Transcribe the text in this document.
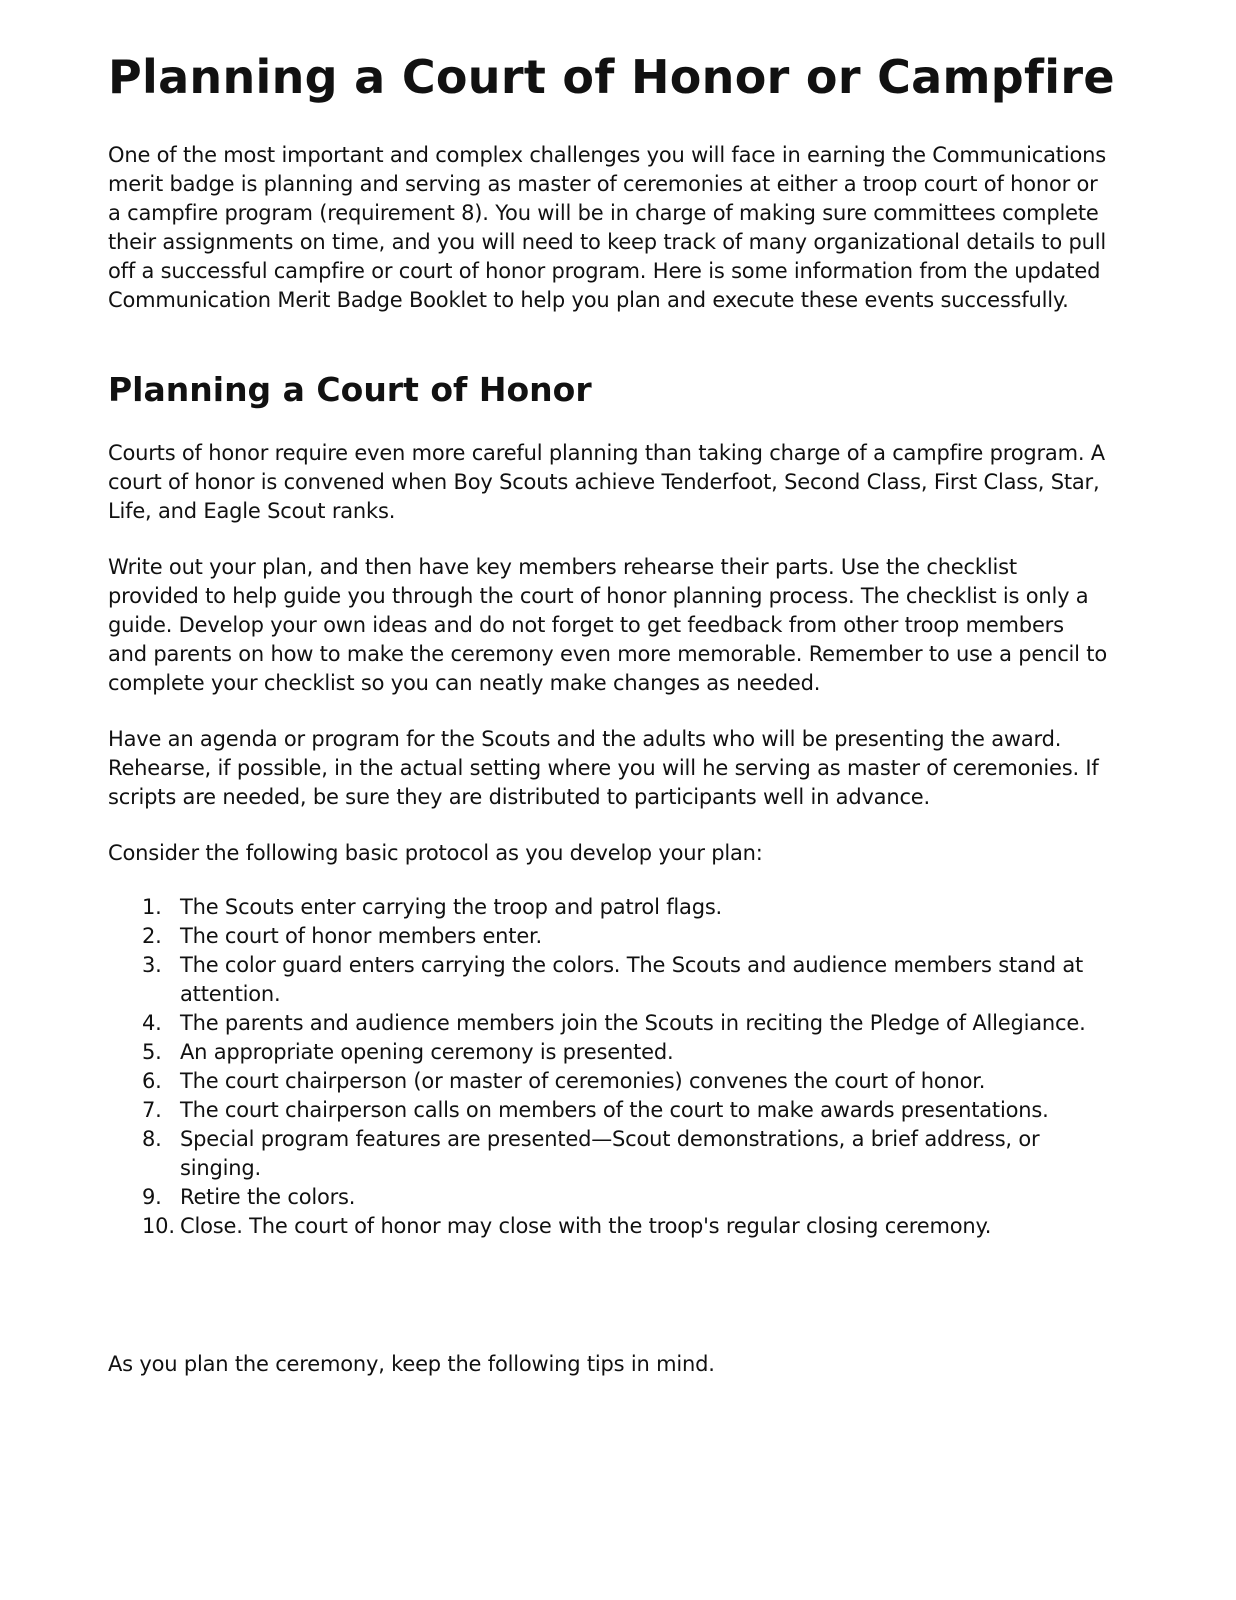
Planning a Court of Honor or Campfire

One of the most important and complex challenges you will face in earning the Communications merit badge is planning and serving as master of ceremonies at either a troop court of honor or a campfire program (requirement 8). You will be in charge of making sure committees complete their assignments on time, and you will need to keep track of many organizational details to pull off a successful campfire or court of honor program. Here is some information from the updated Communication Merit Badge Booklet to help you plan and execute these events successfully.

Planning a Court of Honor

Courts of honor require even more careful planning than taking charge of a campfire program. A court of honor is convened when Boy Scouts achieve Tenderfoot, Second Class, First Class, Star, Life, and Eagle Scout ranks.

Write out your plan, and then have key members rehearse their parts. Use the checklist provided to help guide you through the court of honor planning process. The checklist is only a guide. Develop your own ideas and do not forget to get feedback from other troop members and parents on how to make the ceremony even more memorable. Remember to use a pencil to complete your checklist so you can neatly make changes as needed.

Have an agenda or program for the Scouts and the adults who will be presenting the award. Rehearse, if possible, in the actual setting where you will he serving as master of ceremonies. If scripts are needed, be sure they are distributed to participants well in advance.

Consider the following basic protocol as you develop your plan:

1. The Scouts enter carrying the troop and patrol flags.
2. The court of honor members enter.
3. The color guard enters carrying the colors. The Scouts and audience members stand at attention.
4. The parents and audience members join the Scouts in reciting the Pledge of Allegiance.
5. An appropriate opening ceremony is presented.
6. The court chairperson (or master of ceremonies) convenes the court of honor.
7. The court chairperson calls on members of the court to make awards presentations.
8. Special program features are presented—Scout demonstrations, a brief address, or singing.
9. Retire the colors.
10. Close. The court of honor may close with the troop's regular closing ceremony.

As you plan the ceremony, keep the following tips in mind.
